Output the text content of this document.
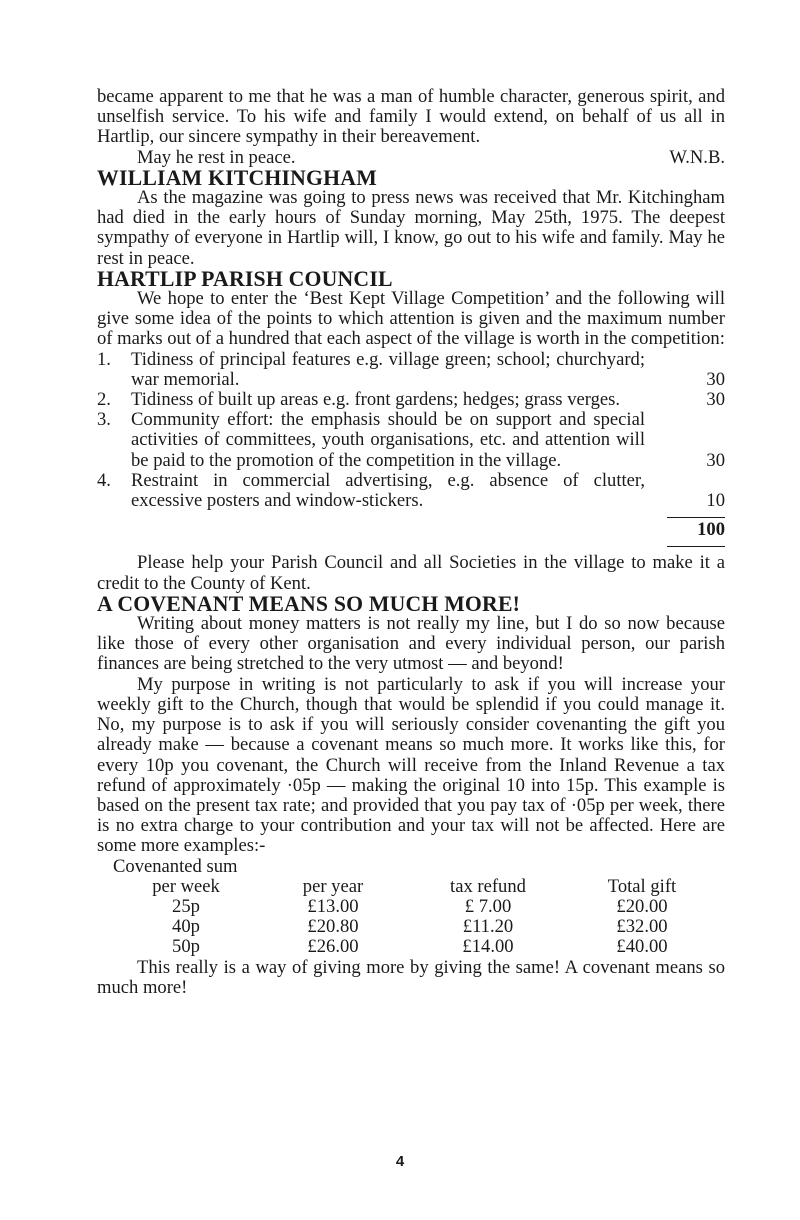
became apparent to me that he was a man of humble character, generous spirit, and unselfish service. To his wife and family I would extend, on behalf of us all in Hartlip, our sincere sympathy in their bereavement.

May he rest in peace.	W.N.B.
WILLIAM KITCHINGHAM

As the magazine was going to press news was received that Mr. Kitchingham had died in the early hours of Sunday morning, May 25th, 1975. The deepest sympathy of everyone in Hartlip will, I know, go out to his wife and family. May he rest in peace.

HARTLIP PARISH COUNCIL

We hope to enter the ‘Best Kept Village Competition’ and the following will give some idea of the points to which attention is given and the maximum number of marks out of a hundred that each aspect of the village is worth in the competition:

1.	Tidiness of principal features e.g. village green; school; churchyard; war memorial.	30
2.	Tidiness of built up areas e.g. front gardens; hedges; grass verges.	30
3.	Community effort: the emphasis should be on support and special activities of committees, youth organisations, etc. and attention will be paid to the promotion of the competition in the village.	30
4.	Restraint in commercial advertising, e.g. absence of clutter, excessive posters and window-stickers.	10
100

Please help your Parish Council and all Societies in the village to make it a credit to the County of Kent.

A COVENANT MEANS SO MUCH MORE!

Writing about money matters is not really my line, but I do so now because like those of every other organisation and every individual person, our parish finances are being stretched to the very utmost — and beyond!

My purpose in writing is not particularly to ask if you will increase your weekly gift to the Church, though that would be splendid if you could manage it. No, my purpose is to ask if you will seriously consider covenanting the gift you already make — because a covenant means so much more. It works like this, for every 10p you covenant, the Church will receive from the Inland Revenue a tax refund of approximately ·05p — making the original 10 into 15p. This example is based on the present tax rate; and provided that you pay tax of ·05p per week, there is no extra charge to your contribution and your tax will not be affected. Here are some more examples:-

Covenanted sum
per week	per year	tax refund	Total gift
25p	£13.00	£ 7.00	£20.00
40p	£20.80	£11.20	£32.00
50p	£26.00	£14.00	£40.00

This really is a way of giving more by giving the same! A covenant means so much more!

4
